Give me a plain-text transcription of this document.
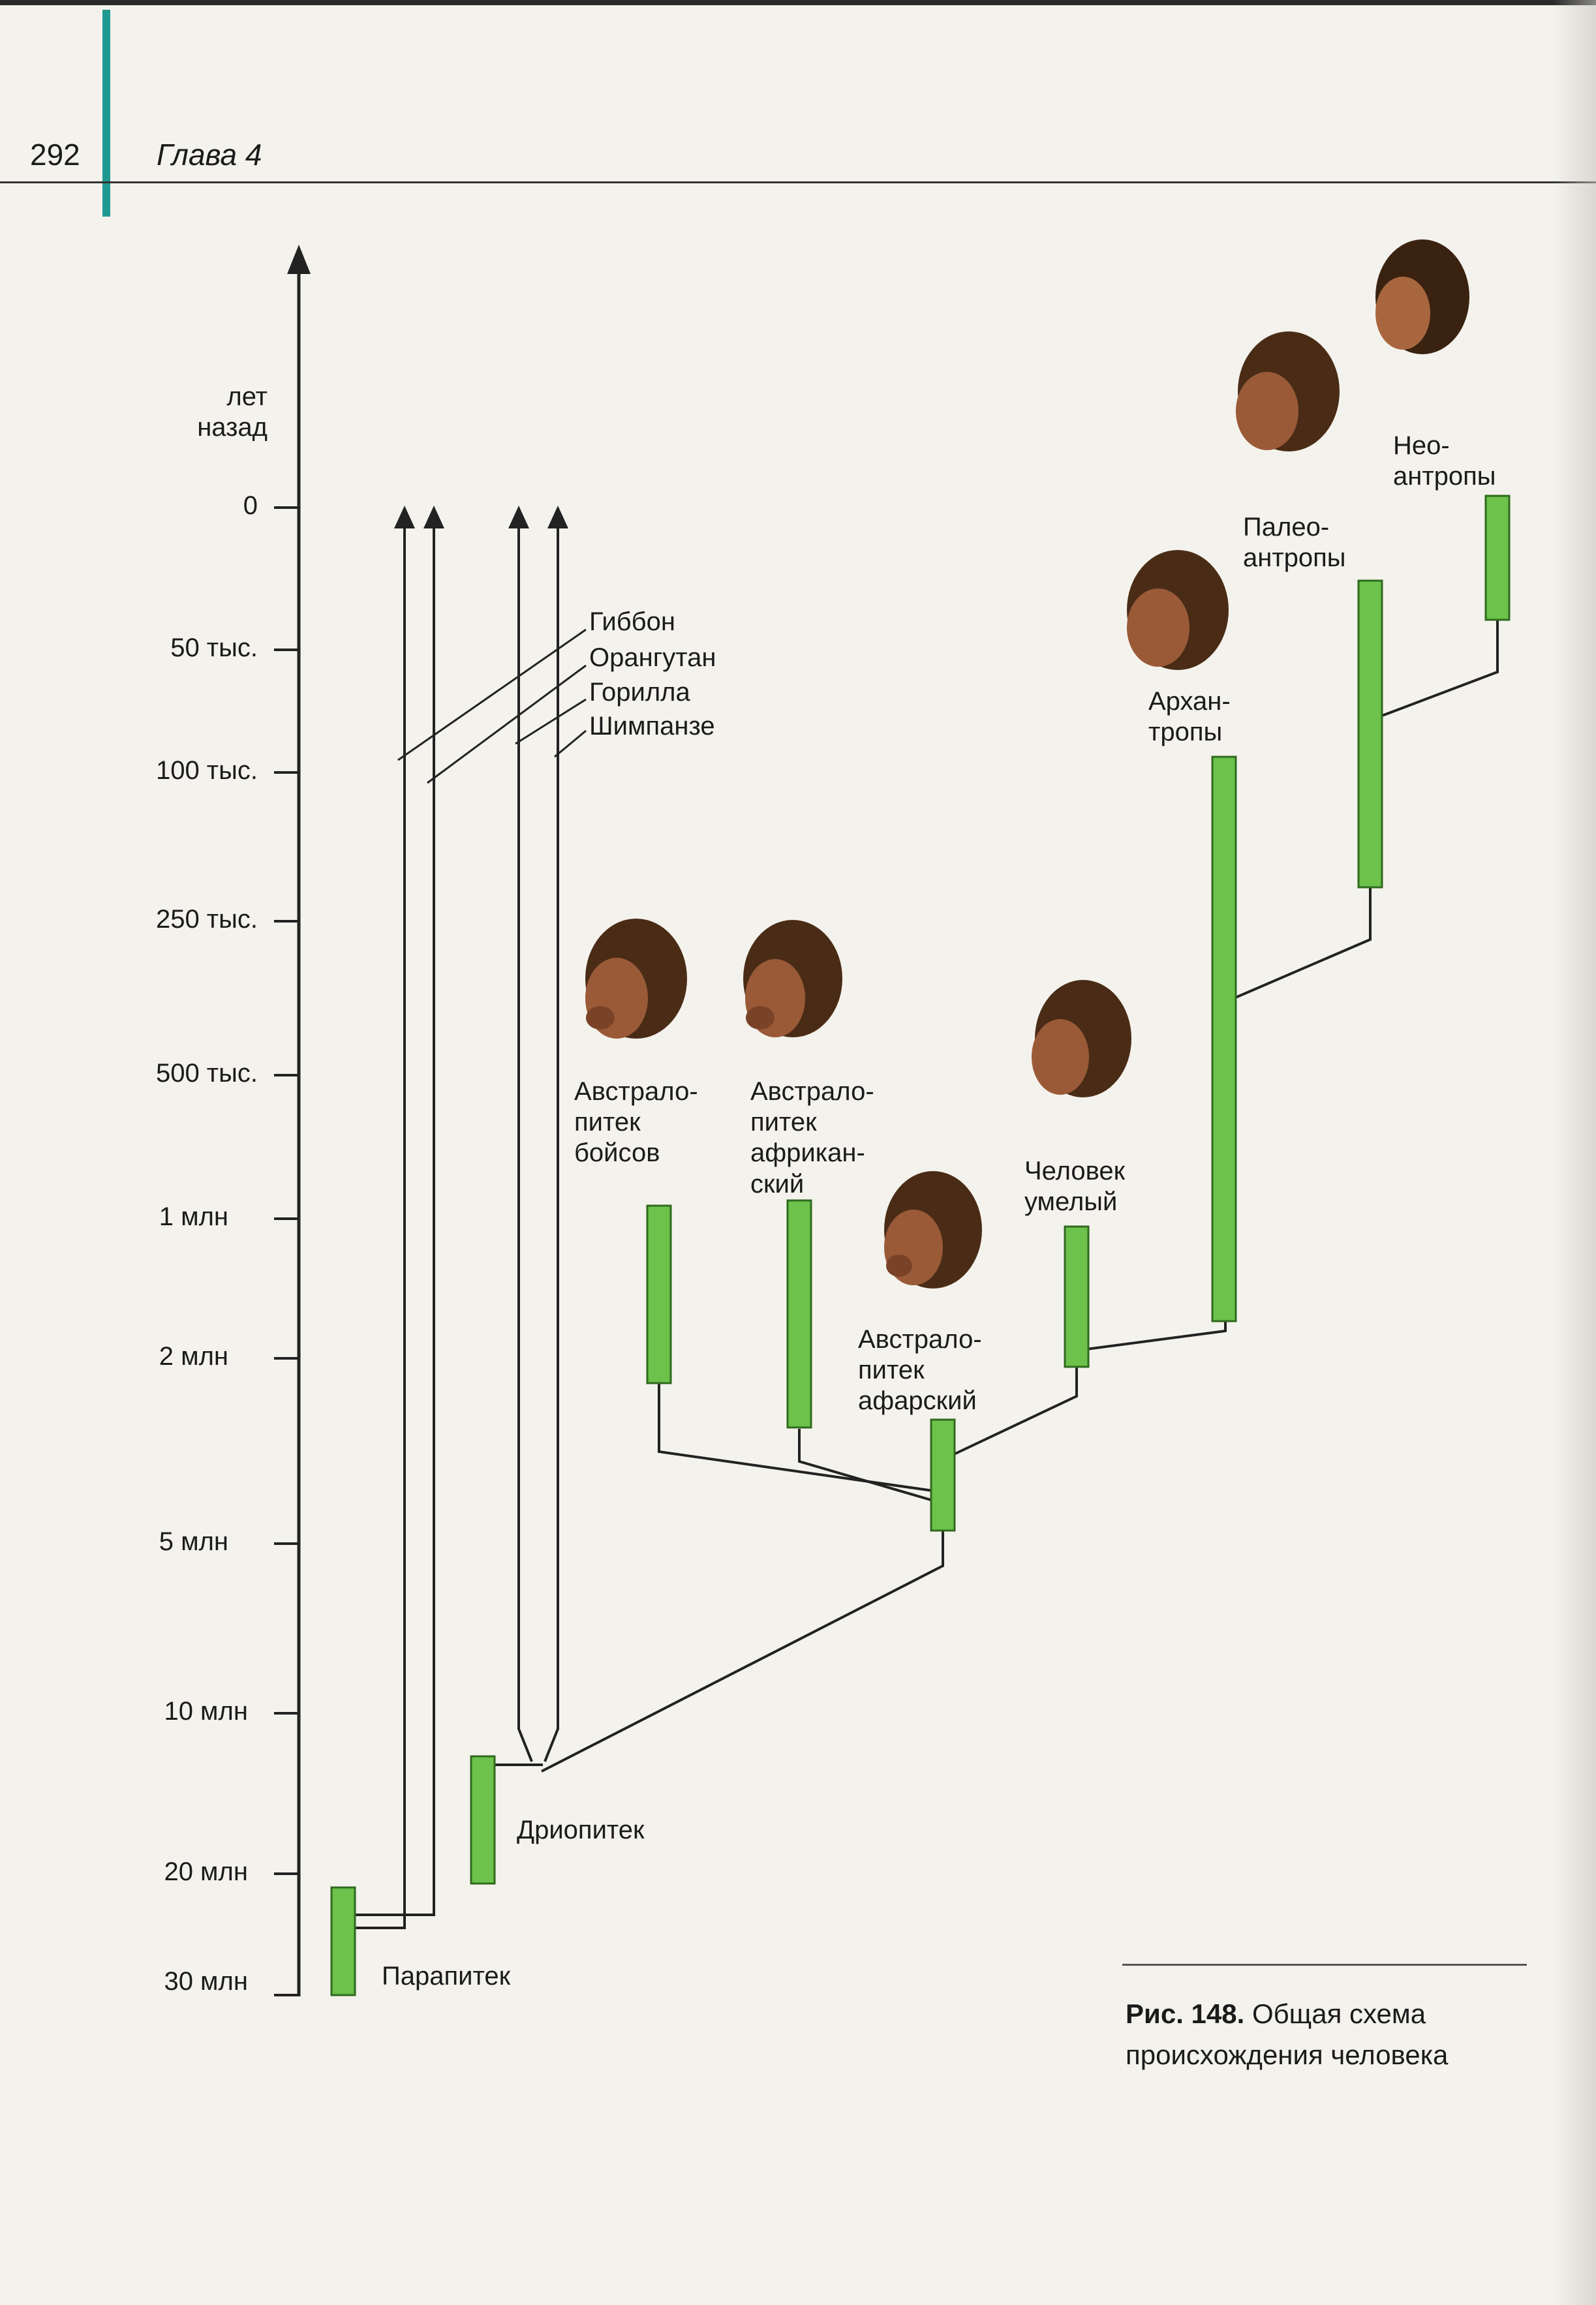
292	Глава 4
лет
назад
0
50 тыс.
100 тыс.
250 тыс.
500 тыс.
1 млн
2 млн
5 млн
10 млн
20 млн
30 млн
Гиббон
Орангутан
Горилла
Шимпанзе
Парапитек
Дриопитек
Австрало-
питек
бойсов
Австрало-
питек
африкан-
ский
Австрало-
питек
афарский
Человек
умелый
Архан-
тропы
Палео-
антропы
Нео-
антропы
Рис. 148. Общая схема
происхождения человека
